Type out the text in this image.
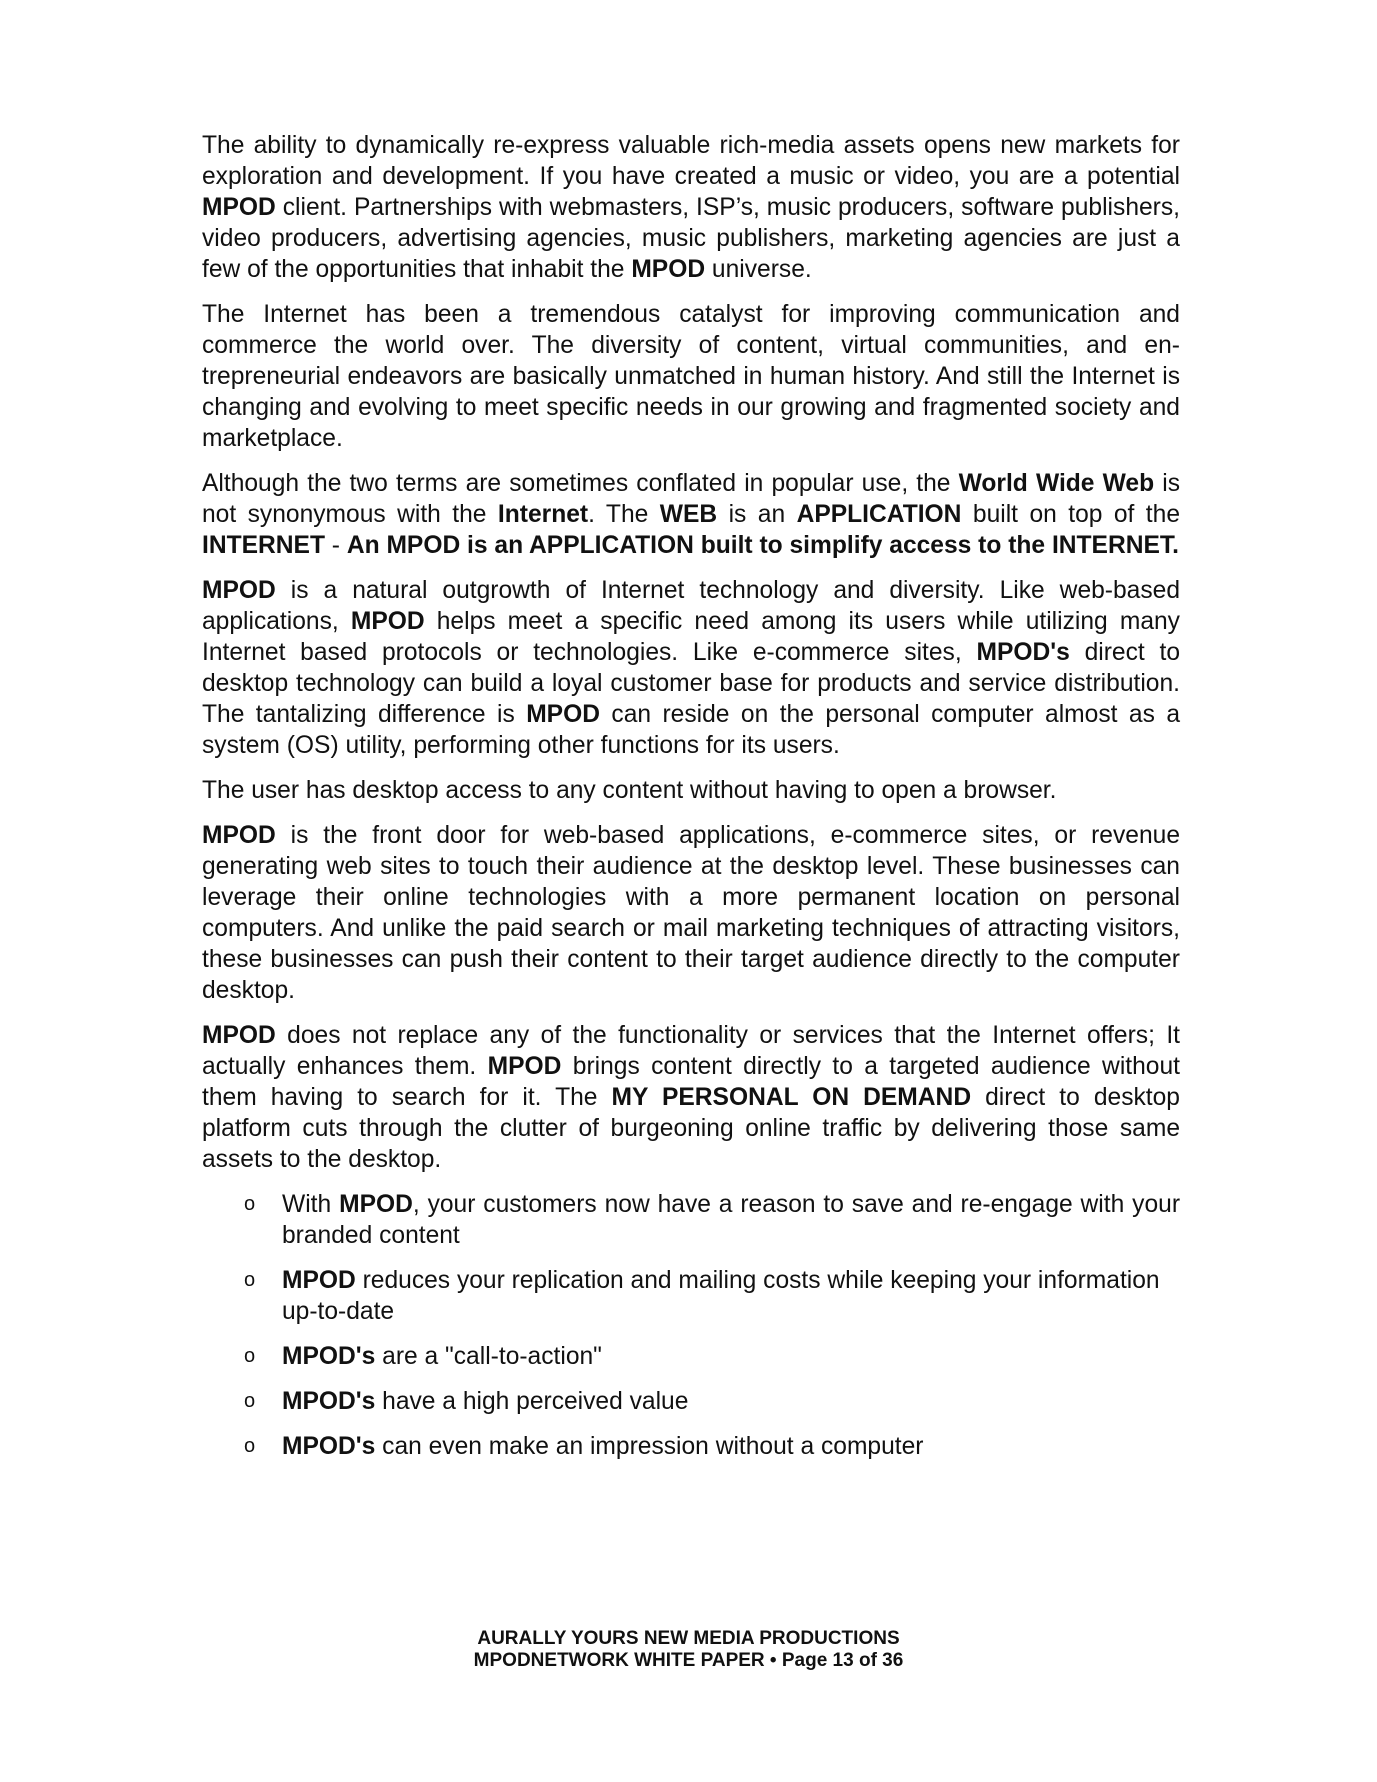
The ability to dynamically re-express valuable rich-media assets opens new markets for exploration and development. If you have created a music or video, you are a potential MPOD client. Partnerships with webmasters, ISP’s, music producers, software publishers, video producers, advertising agencies, music publishers, marketing agencies are just a few of the opportunities that inhabit the MPOD universe.

The Internet has been a tremendous catalyst for improving communication and commerce the world over. The diversity of content, virtual communities, and entrepreneurial endeavors are basically unmatched in human history. And still the Internet is changing and evolving to meet specific needs in our growing and fragmented society and marketplace.

Although the two terms are sometimes conflated in popular use, the World Wide Web is not synonymous with the Internet. The WEB is an APPLICATION built on top of the INTERNET - An MPOD is an APPLICATION built to simplify access to the INTERNET.

MPOD is a natural outgrowth of Internet technology and diversity. Like web-based applications, MPOD helps meet a specific need among its users while utilizing many Internet based protocols or technologies. Like e-commerce sites, MPOD's direct to desktop technology can build a loyal customer base for products and service distribution. The tantalizing difference is MPOD can reside on the personal computer almost as a system (OS) utility, performing other functions for its users.

The user has desktop access to any content without having to open a browser.

MPOD is the front door for web-based applications, e-commerce sites, or revenue generating web sites to touch their audience at the desktop level. These businesses can leverage their online technologies with a more permanent location on personal computers. And unlike the paid search or mail marketing techniques of attracting visitors, these businesses can push their content to their target audience directly to the computer desktop.

MPOD does not replace any of the functionality or services that the Internet offers; It actually enhances them. MPOD brings content directly to a targeted audience without them having to search for it. The MY PERSONAL ON DEMAND direct to desktop platform cuts through the clutter of burgeoning online traffic by delivering those same assets to the desktop.

o With MPOD, your customers now have a reason to save and re-engage with your branded content
o MPOD reduces your replication and mailing costs while keeping your information up-to-date
o MPOD's are a "call-to-action"
o MPOD's have a high perceived value
o MPOD's can even make an impression without a computer
AURALLY YOURS NEW MEDIA PRODUCTIONS
MPODNETWORK WHITE PAPER • Page 13 of 36
